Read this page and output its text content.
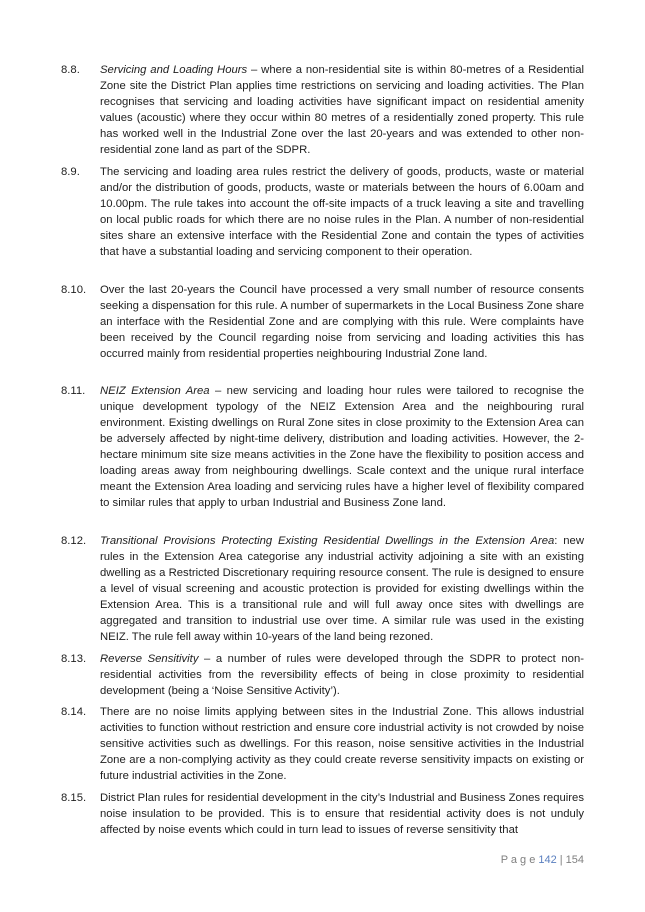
8.8.	Servicing and Loading Hours – where a non-residential site is within 80-metres of a Residential Zone site the District Plan applies time restrictions on servicing and loading activities. The Plan recognises that servicing and loading activities have significant impact on residential amenity values (acoustic) where they occur within 80 metres of a residentially zoned property. This rule has worked well in the Industrial Zone over the last 20-years and was extended to other non-residential zone land as part of the SDPR.
8.9.	The servicing and loading area rules restrict the delivery of goods, products, waste or material and/or the distribution of goods, products, waste or materials between the hours of 6.00am and 10.00pm. The rule takes into account the off-site impacts of a truck leaving a site and travelling on local public roads for which there are no noise rules in the Plan. A number of non-residential sites share an extensive interface with the Residential Zone and contain the types of activities that have a substantial loading and servicing component to their operation.
8.10.	Over the last 20-years the Council have processed a very small number of resource consents seeking a dispensation for this rule. A number of supermarkets in the Local Business Zone share an interface with the Residential Zone and are complying with this rule. Were complaints have been received by the Council regarding noise from servicing and loading activities this has occurred mainly from residential properties neighbouring Industrial Zone land.
8.11.	NEIZ Extension Area – new servicing and loading hour rules were tailored to recognise the unique development typology of the NEIZ Extension Area and the neighbouring rural environment. Existing dwellings on Rural Zone sites in close proximity to the Extension Area can be adversely affected by night-time delivery, distribution and loading activities. However, the 2-hectare minimum site size means activities in the Zone have the flexibility to position access and loading areas away from neighbouring dwellings. Scale context and the unique rural interface meant the Extension Area loading and servicing rules have a higher level of flexibility compared to similar rules that apply to urban Industrial and Business Zone land.
8.12.	Transitional Provisions Protecting Existing Residential Dwellings in the Extension Area: new rules in the Extension Area categorise any industrial activity adjoining a site with an existing dwelling as a Restricted Discretionary requiring resource consent. The rule is designed to ensure a level of visual screening and acoustic protection is provided for existing dwellings within the Extension Area. This is a transitional rule and will full away once sites with dwellings are aggregated and transition to industrial use over time. A similar rule was used in the existing NEIZ. The rule fell away within 10-years of the land being rezoned.
8.13.	Reverse Sensitivity – a number of rules were developed through the SDPR to protect non-residential activities from the reversibility effects of being in close proximity to residential development (being a ‘Noise Sensitive Activity’).
8.14.	There are no noise limits applying between sites in the Industrial Zone. This allows industrial activities to function without restriction and ensure core industrial activity is not crowded by noise sensitive activities such as dwellings. For this reason, noise sensitive activities in the Industrial Zone are a non-complying activity as they could create reverse sensitivity impacts on existing or future industrial activities in the Zone.
8.15.	District Plan rules for residential development in the city’s Industrial and Business Zones requires noise insulation to be provided. This is to ensure that residential activity does is not unduly affected by noise events which could in turn lead to issues of reverse sensitivity that
P a g e 142 | 154
